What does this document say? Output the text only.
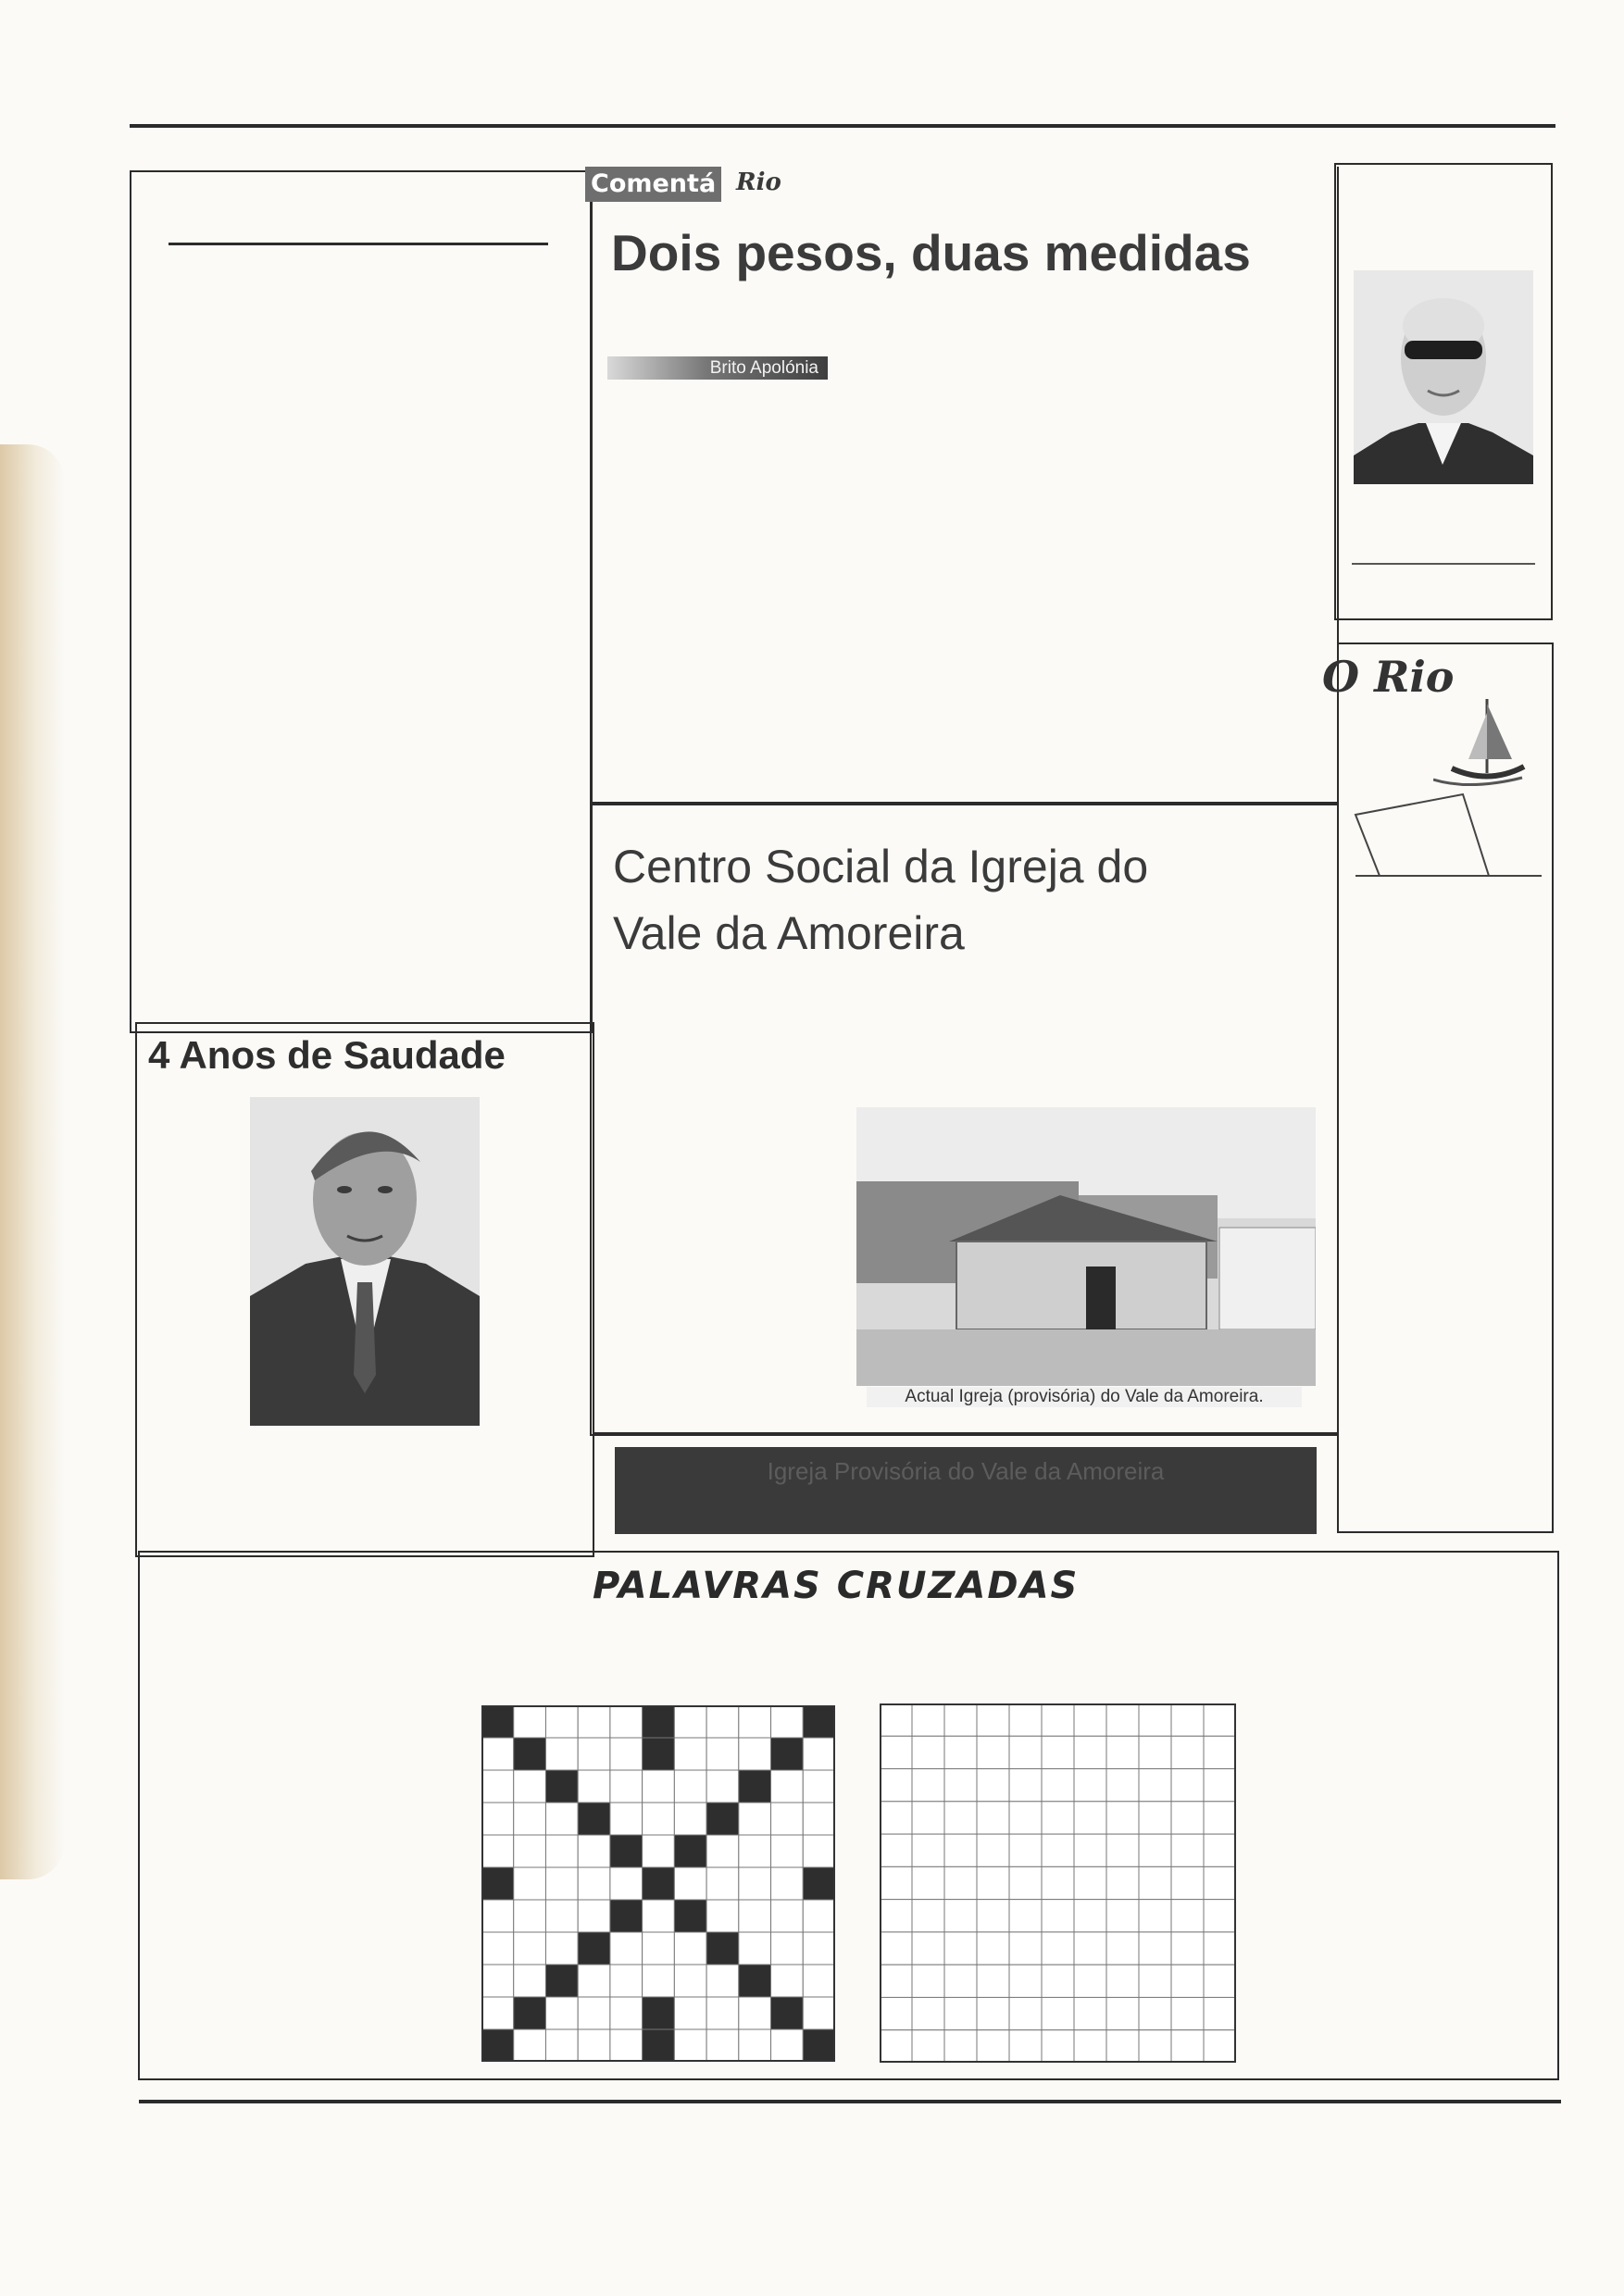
Comentá Rio
Dois pesos, duas medidas
Brito Apolónia
O Rio
Centro Social da Igreja do
Vale da Amoreira
Actual Igreja (provisória) do Vale da Amoreira.
Igreja Provisória do Vale da Amoreira
4 Anos de Saudade
PALAVRAS CRUZADAS
